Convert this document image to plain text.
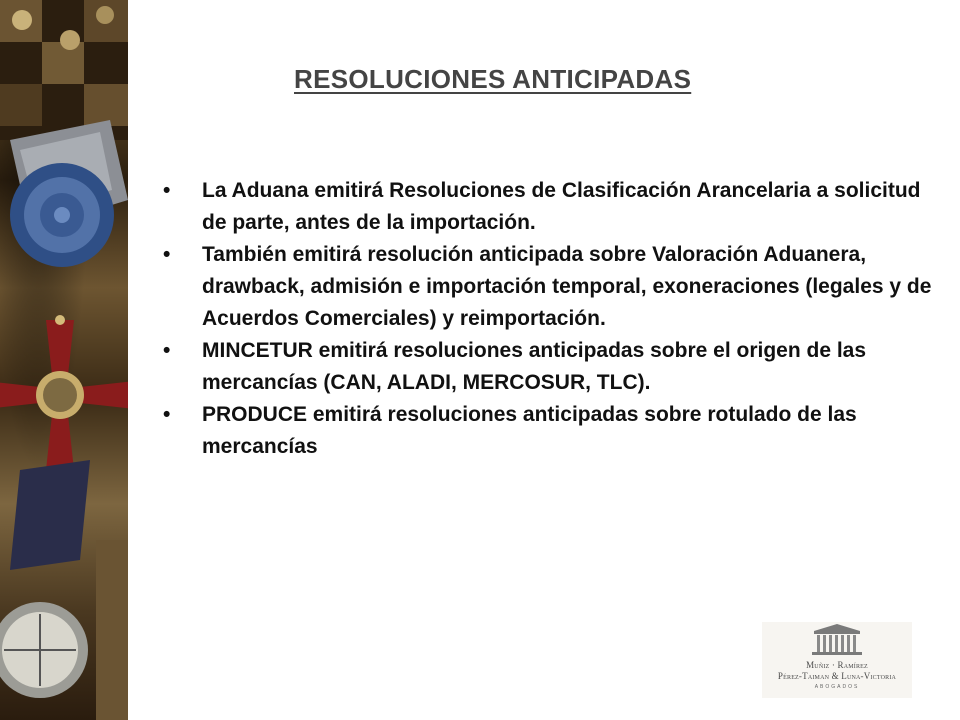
RESOLUCIONES ANTICIPADAS
• La Aduana emitirá Resoluciones de Clasificación Arancelaria a solicitud de parte, antes de la importación.
• También emitirá resolución anticipada sobre Valoración Aduanera, drawback, admisión e importación temporal, exoneraciones (legales y de Acuerdos Comerciales) y reimportación.
• MINCETUR emitirá resoluciones anticipadas sobre el origen de las mercancías (CAN, ALADI, MERCOSUR, TLC).
• PRODUCE emitirá resoluciones anticipadas sobre rotulado de las mercancías
Muñiz · Ramírez
Pérez-Taiman & Luna-Victoria
ABOGADOS
